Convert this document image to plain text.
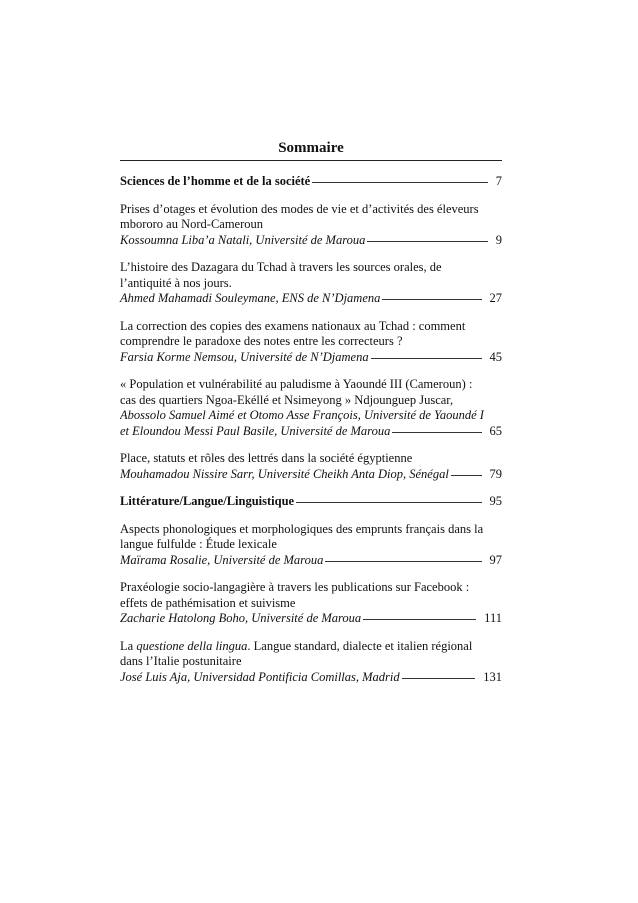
Sommaire
Sciences de l’homme et de la société	7
Prises d’otages et évolution des modes de vie et d’activités des éleveurs
mbororo au Nord-Cameroun
Kossoumna Liba’a Natali, Université de Maroua	9
L’histoire des Dazagara du Tchad à travers les sources orales, de
l’antiquité à nos jours.
Ahmed Mahamadi Souleymane, ENS de N’Djamena	27
La correction des copies des examens nationaux au Tchad : comment
comprendre le paradoxe des notes entre les correcteurs ?
Farsia Korme Nemsou, Université de N’Djamena	45
« Population et vulnérabilité au paludisme à Yaoundé III (Cameroun) :
cas des quartiers Ngoa-Ekéllé et Nsimeyong » Ndjounguep Juscar,
Abossolo Samuel Aimé et Otomo Asse François, Université de Yaoundé I
et Eloundou Messi Paul Basile, Université de Maroua	65
Place, statuts et rôles des lettrés dans la société égyptienne
Mouhamadou Nissire Sarr, Université Cheikh Anta Diop, Sénégal	79
Littérature/Langue/Linguistique	95
Aspects phonologiques et morphologiques des emprunts français dans la
langue fulfulde : Étude lexicale
Maïrama Rosalie, Université de Maroua	97
Praxéologie socio-langagière à travers les publications sur Facebook :
effets de pathémisation et suivisme
Zacharie Hatolong Boho, Université de Maroua	111
La questione della lingua. Langue standard, dialecte et italien régional
dans l’Italie postunitaire
José Luis Aja, Universidad Pontificia Comillas, Madrid	131
